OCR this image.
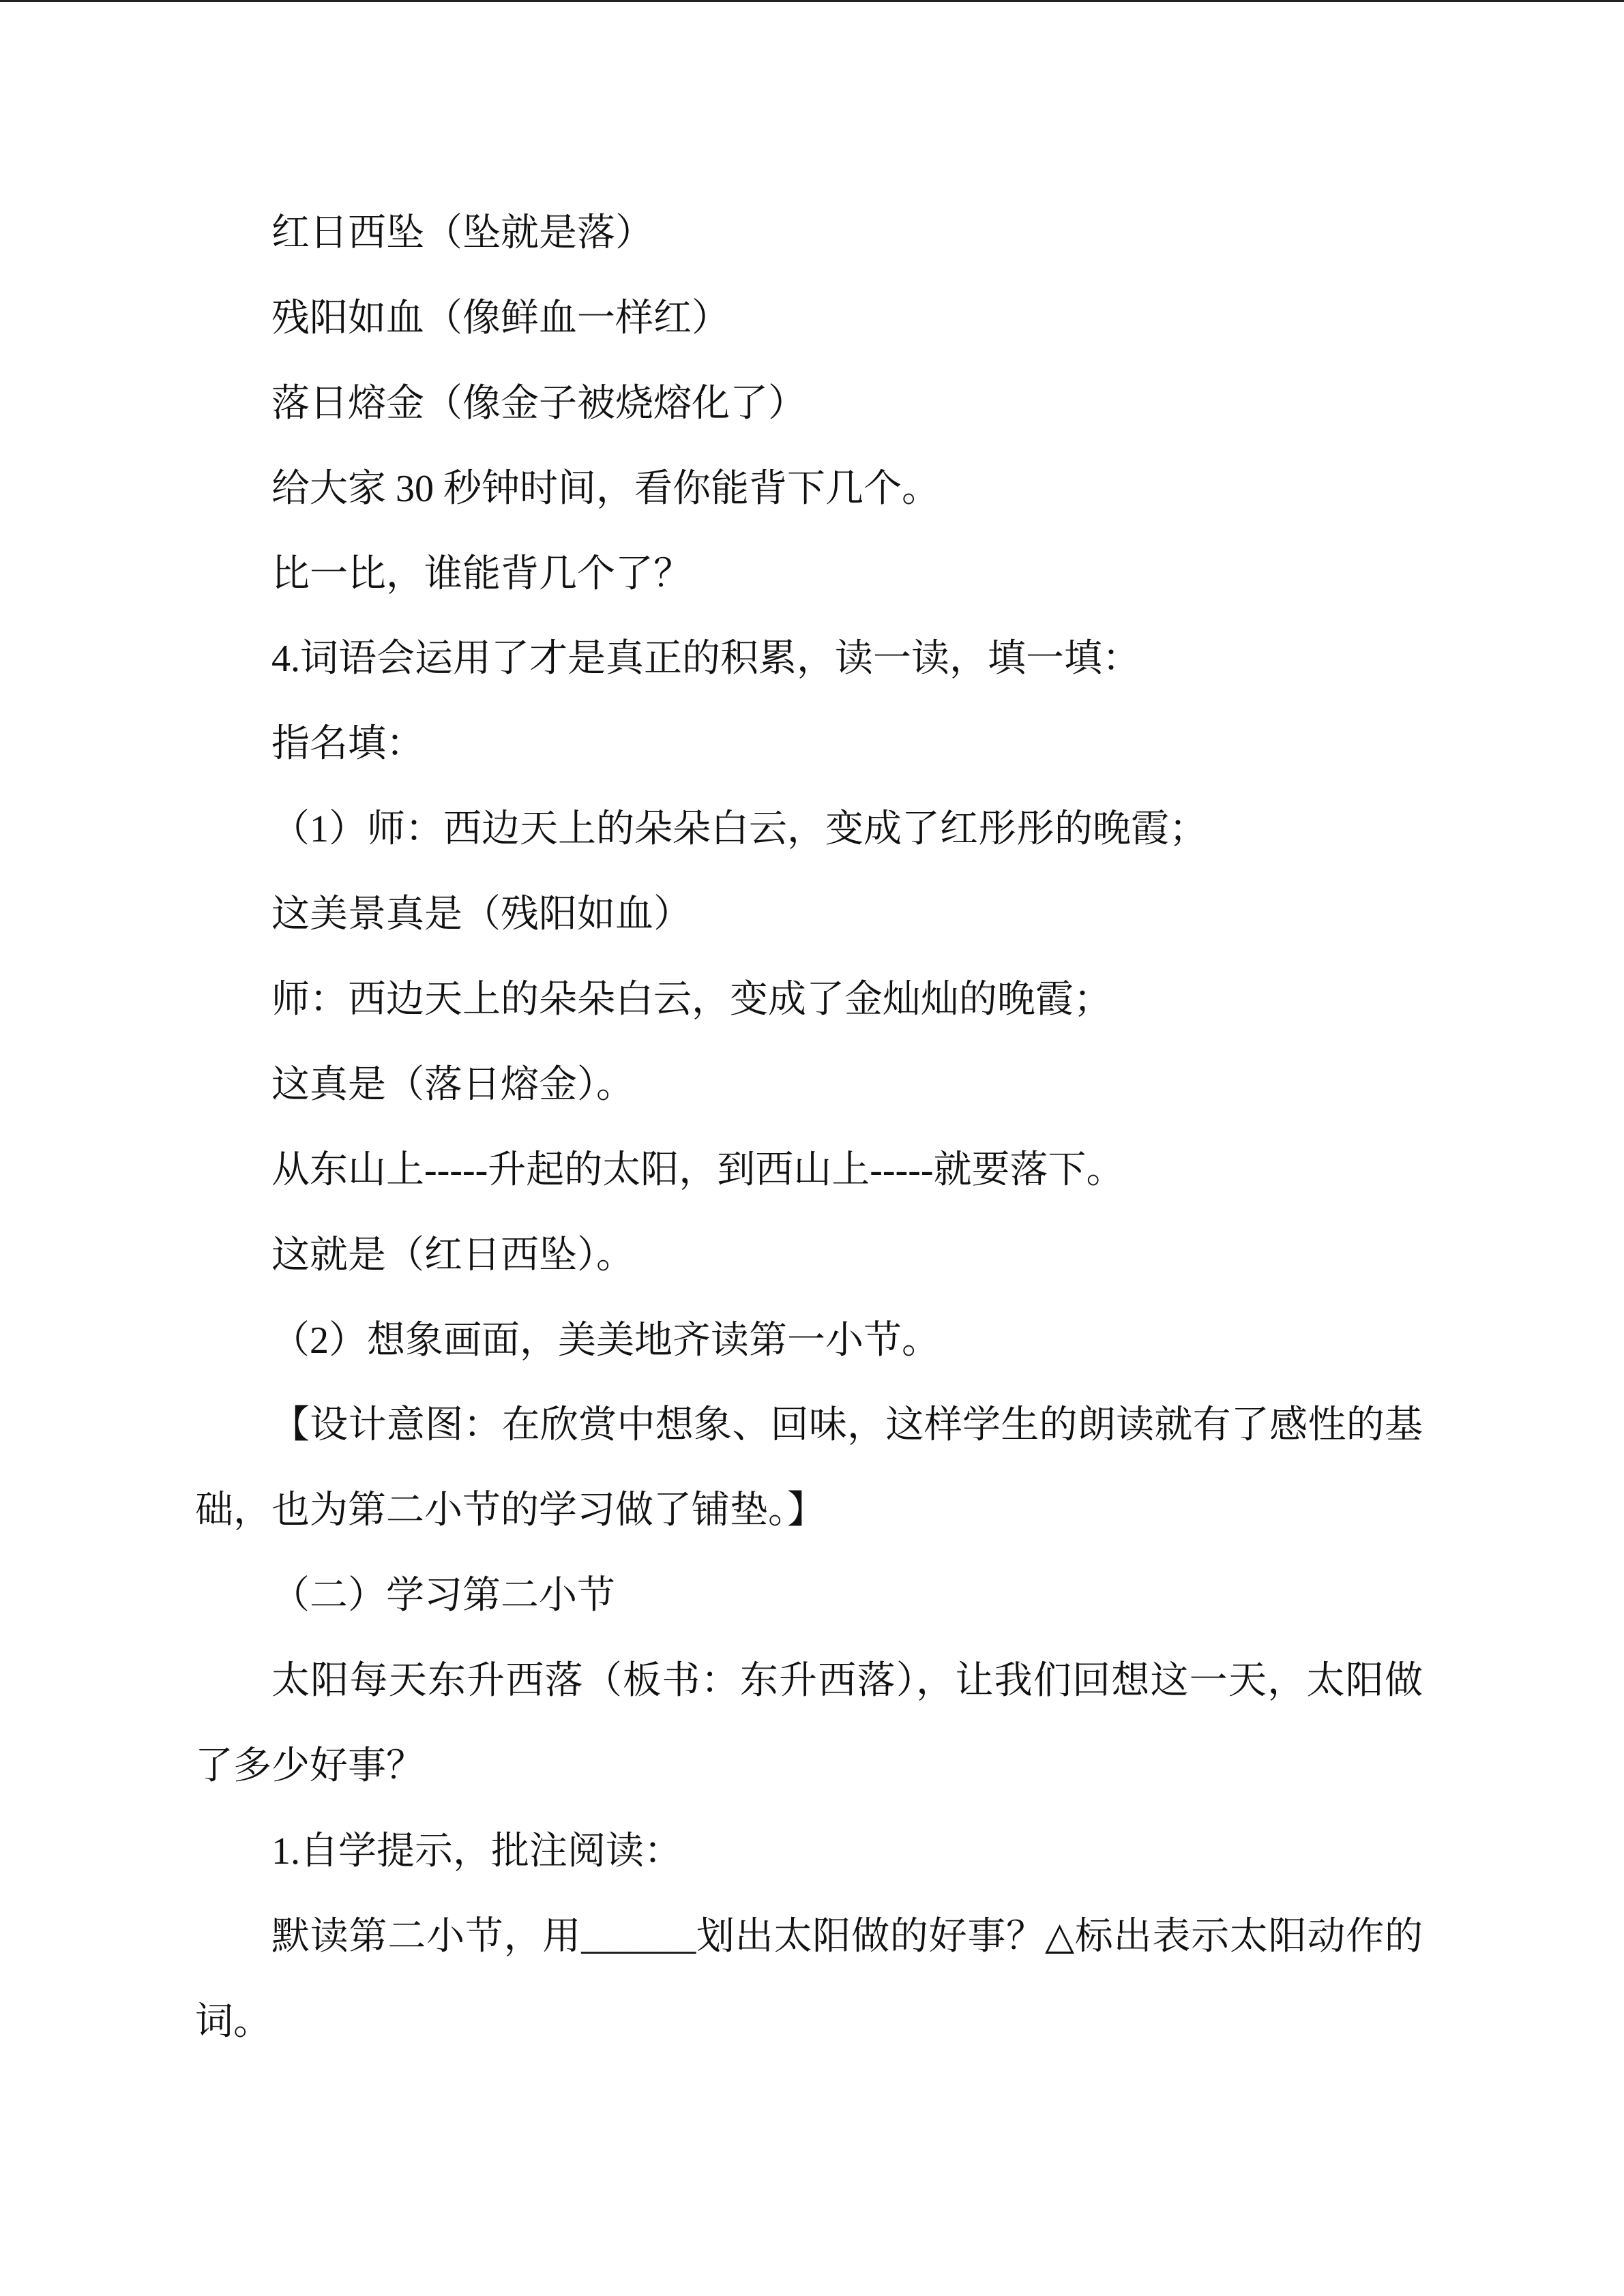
红日西坠（坠就是落）
残阳如血（像鲜血一样红）
落日熔金（像金子被烧熔化了）
给大家 30 秒钟时间，看你能背下几个。
比一比，谁能背几个了？
4.词语会运用了才是真正的积累，读一读，填一填：
指名填：
（1）师：西边天上的朵朵白云，变成了红彤彤的晚霞；
这美景真是（残阳如血）
师：西边天上的朵朵白云，变成了金灿灿的晚霞；
这真是（落日熔金）。
从东山上-----升起的太阳，到西山上-----就要落下。
这就是（红日西坠）。
（2）想象画面，美美地齐读第一小节。
【设计意图：在欣赏中想象、回味，这样学生的朗读就有了感性的基
础，也为第二小节的学习做了铺垫。】
（二）学习第二小节
太阳每天东升西落（板书：东升西落），让我们回想这一天，太阳做
了多少好事？
1.自学提示，批注阅读：
默读第二小节，用______划出太阳做的好事？△标出表示太阳动作的
词。
